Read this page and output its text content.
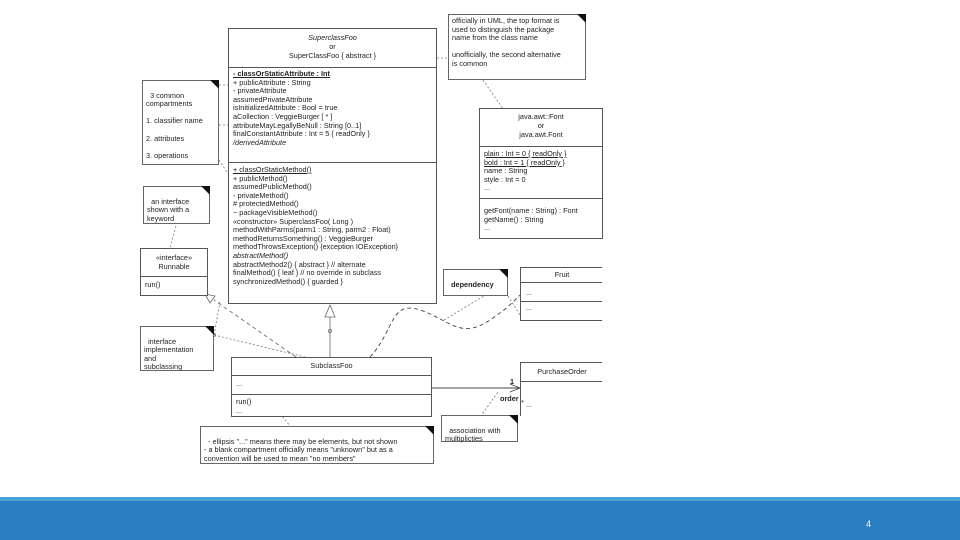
SuperclassFoo
or
SuperClassFoo { abstract }
- classOrStaticAttribute : Int
+ publicAttribute : String
- privateAttribute
assumedPrivateAttribute
isInitializedAttribute : Bool = true
aCollection : VeggieBurger [ * ]
attributeMayLegallyBeNull : String [0..1]
finalConstantAttribute : Int = 5 { readOnly }
/derivedAttribute
+ classOrStaticMethod()
+ publicMethod()
assumedPublicMethod()
- privateMethod()
# protectedMethod()
~ packageVisibleMethod()
«constructor» SuperclassFoo( Long )
methodWithParms(parm1 : String, parm2 : Float)
methodReturnsSomething() : VeggieBurger
methodThrowsException() {exception IOException}
abstractMethod()
abstractMethod2() { abstract } // alternate
finalMethod() { leaf } // no override in subclass
synchronizedMethod() { guarded }
officially in UML, the top format is
used to distinguish the package
name from the class name

unofficially, the second alternative
is common
java.awt::Font
or
java.awt.Font
plain : Int = 0 { readOnly }
bold : Int = 1 { readOnly }
name : String
style : Int = 0
...
getFont(name : String) : Font
getName() : String
...

3 common
compartments

1. classifier name

2. attributes

3. operations

an interface
shown with a
keyword

«interface»
Runnable
run()

interface
implementation
and
subclassing

dependency

Fruit
...
...
SubclassFoo
...
run()
...
PurchaseOrder
...
1
order *

- ellipsis "..." means there may be elements, but not shown
- a blank compartment officially means "unknown" but as a
convention will be used to mean "no members"

association with
multiplicties

4
